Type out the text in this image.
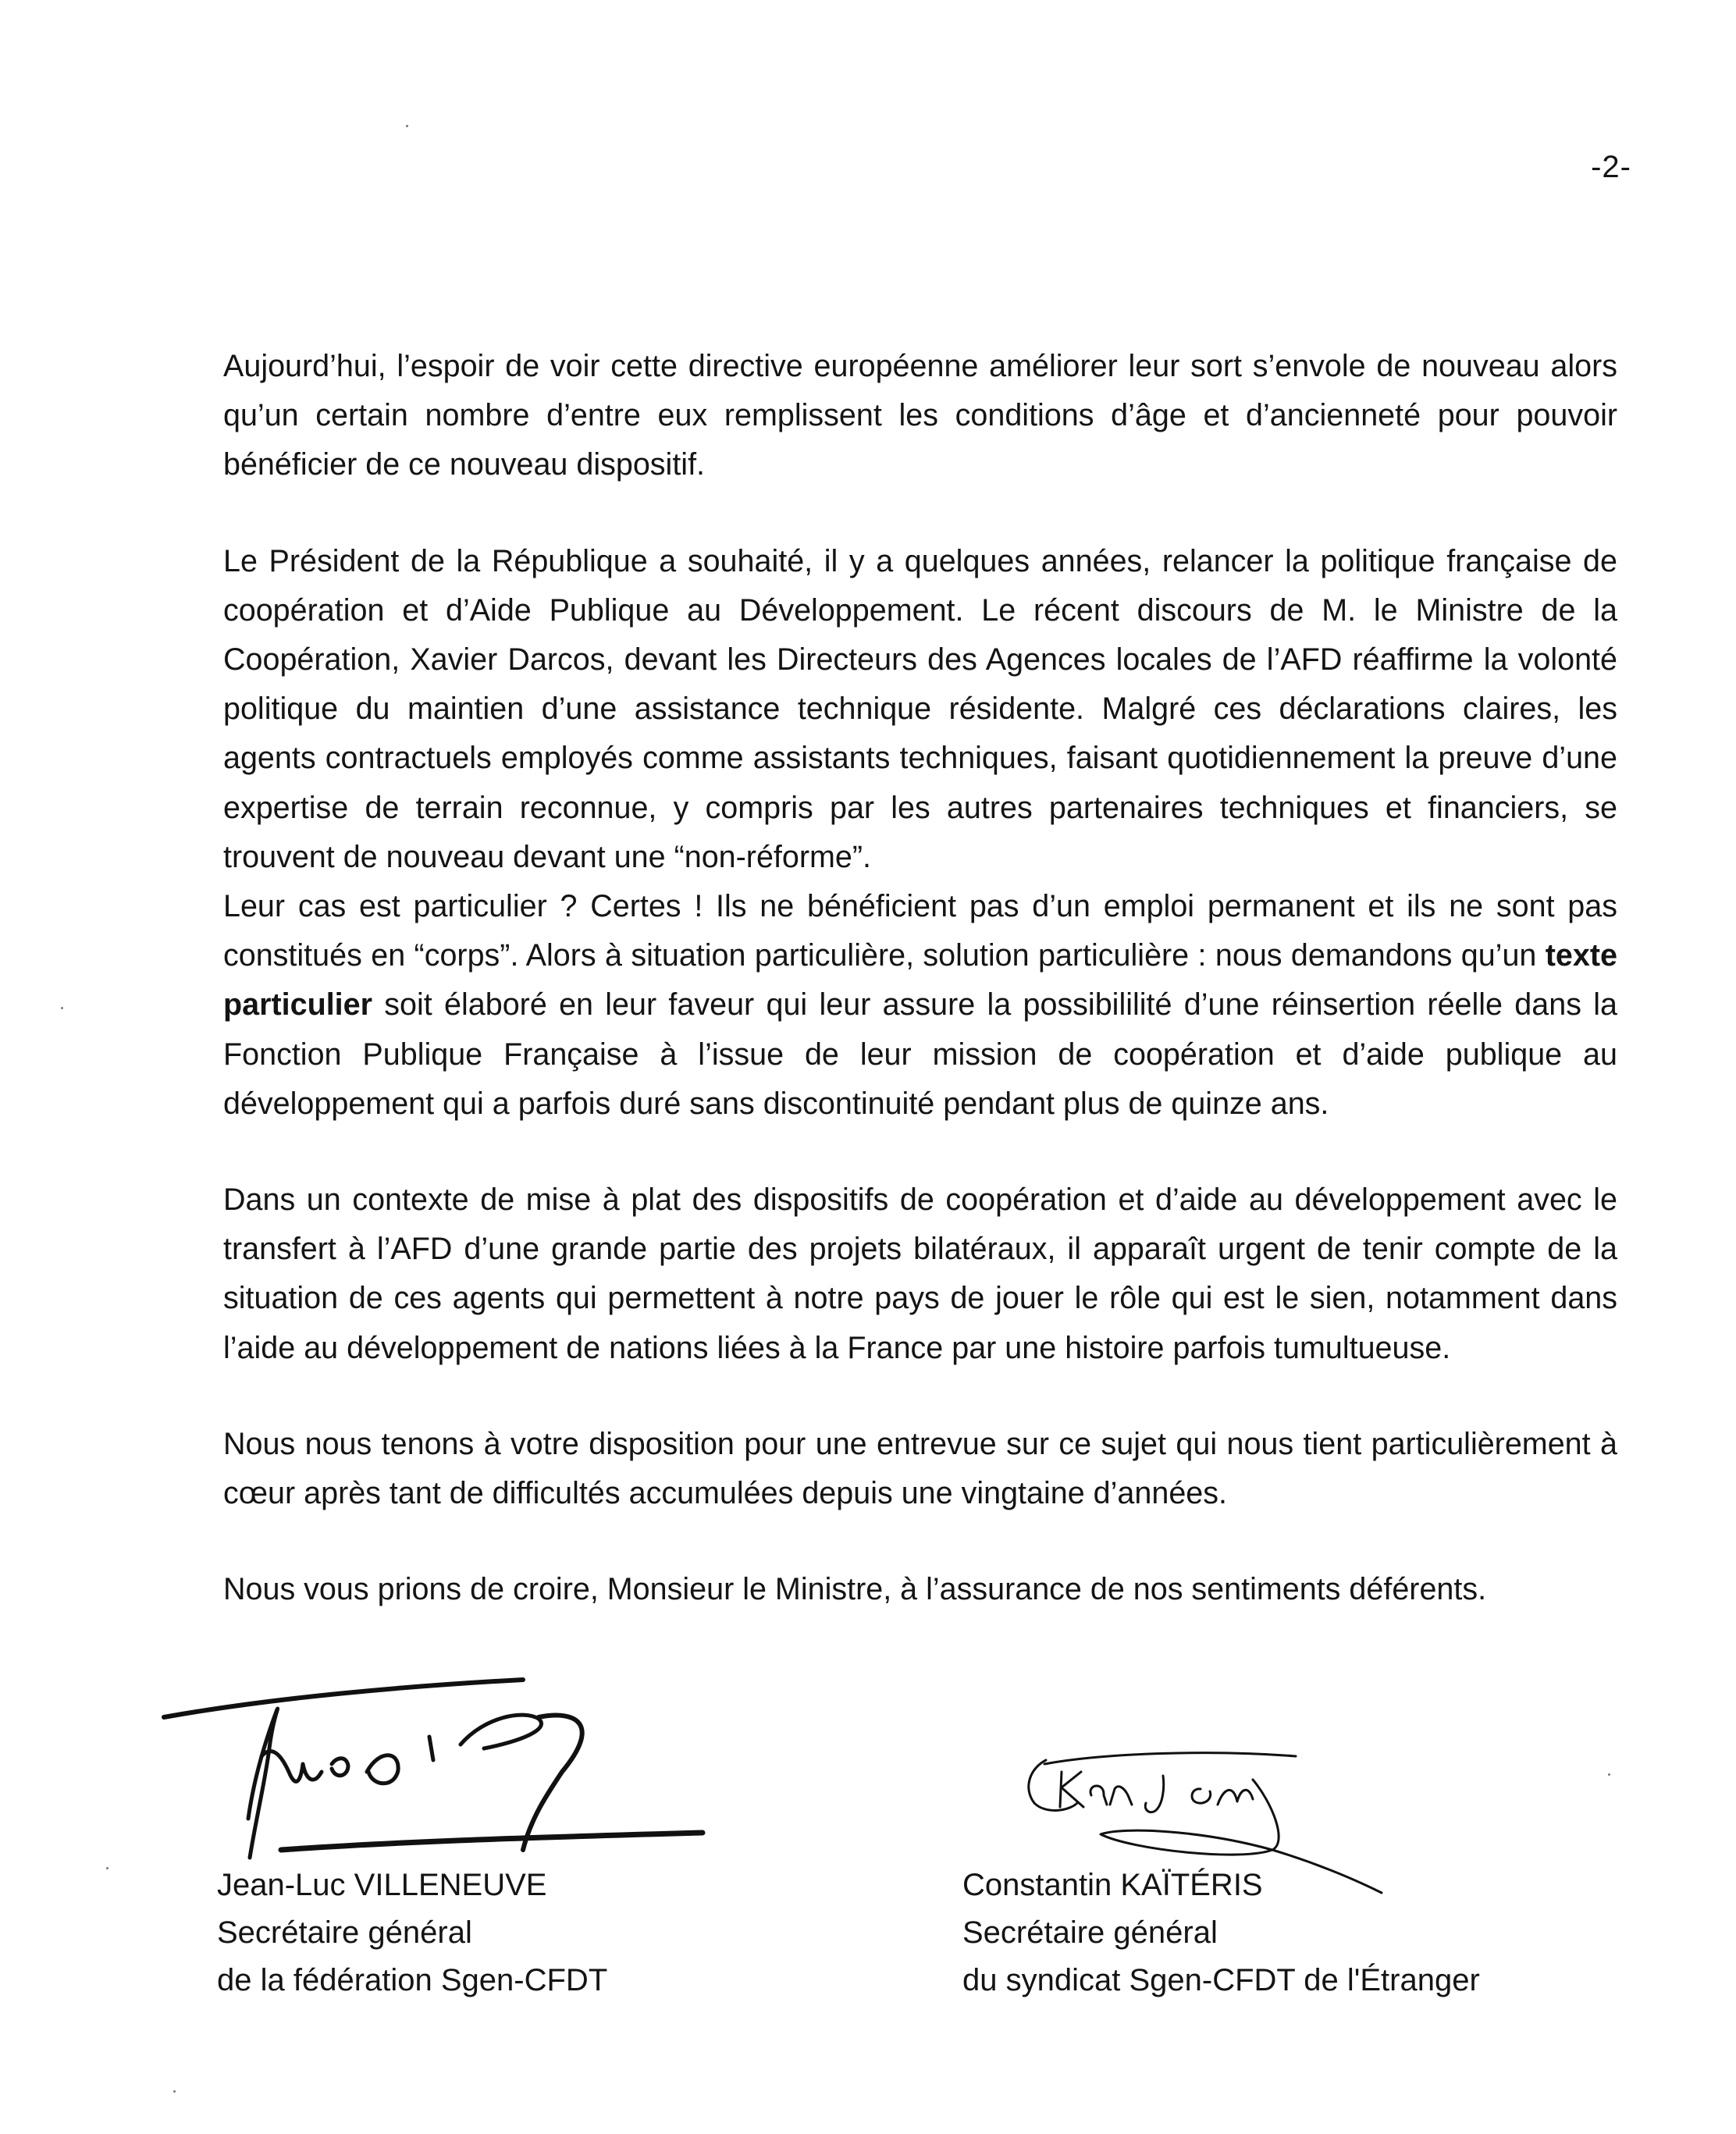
-2-

Aujourd’hui, l’espoir de voir cette directive européenne améliorer leur sort s’envole de nouveau alors qu’un certain nombre d’entre eux remplissent les conditions d’âge et d’ancienneté pour pouvoir bénéficier de ce nouveau dispositif.

Le Président de la République a souhaité, il y a quelques années, relancer la politique française de coopération et d’Aide Publique au Développement. Le récent discours de M. le Ministre de la Coopération, Xavier Darcos, devant les Directeurs des Agences locales de l’AFD réaffirme la volonté politique du maintien d’une assistance technique résidente. Malgré ces déclarations claires, les agents contractuels employés comme assistants techniques, faisant quotidiennement la preuve d’une expertise de terrain reconnue, y compris par les autres partenaires techniques et financiers, se trouvent de nouveau devant une “non-réforme”.

Leur cas est particulier ? Certes ! Ils ne bénéficient pas d’un emploi permanent et ils ne sont pas constitués en “corps”. Alors à situation particulière, solution particulière : nous demandons qu’un texte particulier soit élaboré en leur faveur qui leur assure la possibililité d’une réinsertion réelle dans la Fonction Publique Française à l’issue de leur mission de coopération et d’aide publique au développement qui a parfois duré sans discontinuité pendant plus de quinze ans.

Dans un contexte de mise à plat des dispositifs de coopération et d’aide au développement avec le transfert à l’AFD d’une grande partie des projets bilatéraux, il apparaît urgent de tenir compte de la situation de ces agents qui permettent à notre pays de jouer le rôle qui est le sien, notamment dans l’aide au développement de nations liées à la France par une histoire parfois tumultueuse.

Nous nous tenons à votre disposition pour une entrevue sur ce sujet qui nous tient particulièrement à cœur après tant de difficultés accumulées depuis une vingtaine d’années.

Nous vous prions de croire, Monsieur le Ministre, à l’assurance de nos sentiments déférents.

Jean-Luc VILLENEUVE
Secrétaire général
de la fédération Sgen-CFDT
Constantin KAÏTÉRIS
Secrétaire général
du syndicat Sgen-CFDT de l'Étranger
